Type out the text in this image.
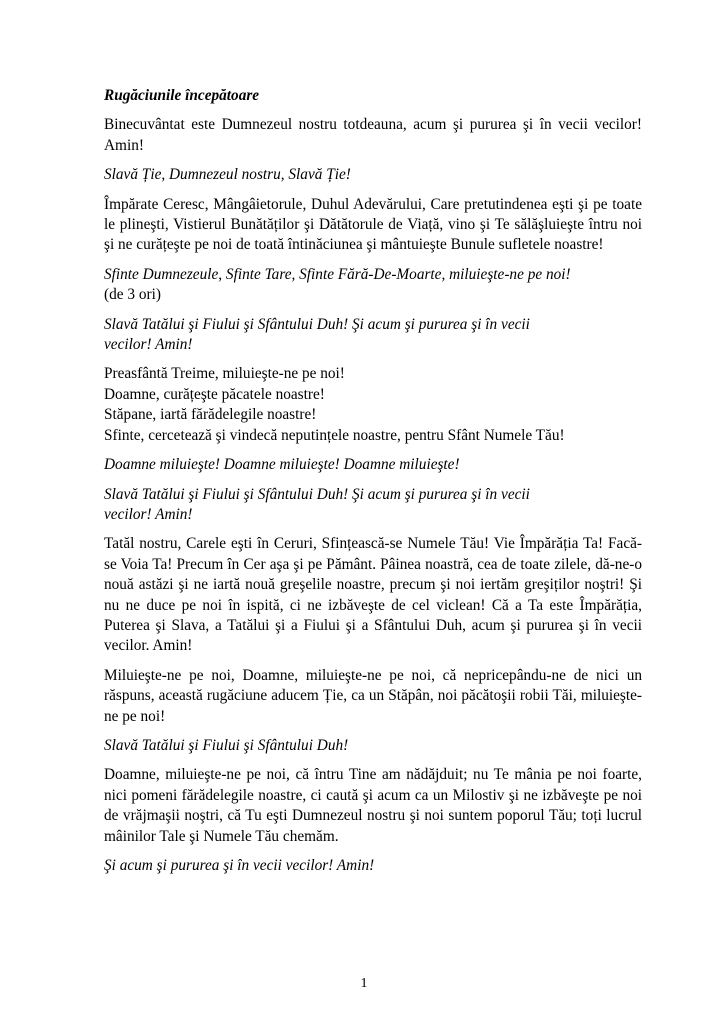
Rugăciunile începătoare

Binecuvântat este Dumnezeul nostru totdeauna, acum şi pururea şi în vecii vecilor! Amin!

Slavă Ție, Dumnezeul nostru, Slavă Ție!

Împărate Ceresc, Mângâietorule, Duhul Adevărului, Care pretutindenea eşti şi pe toate le plineşti, Vistierul Bunătăților şi Dătătorule de Viață, vino şi Te sălăşluieşte întru noi şi ne curățeşte pe noi de toată întinăciunea şi mântuieşte Bunule sufletele noastre!

Sfinte Dumnezeule, Sfinte Tare, Sfinte Fără-De-Moarte, miluieşte-ne pe noi!
(de 3 ori)

Slavă Tatălui şi Fiului şi Sfântului Duh! Şi acum şi pururea şi în vecii
vecilor! Amin!

Preasfântă Treime, miluieşte-ne pe noi!
Doamne, curățeşte păcatele noastre!
Stăpane, iartă fărădelegile noastre!
Sfinte, cercetează şi vindecă neputințele noastre, pentru Sfânt Numele Tău!

Doamne miluieşte! Doamne miluieşte! Doamne miluieşte!

Slavă Tatălui şi Fiului şi Sfântului Duh! Şi acum şi pururea şi în vecii
vecilor! Amin!

Tatăl nostru, Carele eşti în Ceruri, Sfințească-se Numele Tău! Vie Împărăția Ta! Facă-se Voia Ta! Precum în Cer aşa şi pe Pământ. Pâinea noastră, cea de toate zilele, dă-ne-o nouă astăzi şi ne iartă nouă greşelile noastre, precum şi noi iertăm greşiților noştri! Şi nu ne duce pe noi în ispită, ci ne izbăveşte de cel viclean! Că a Ta este Împărăția, Puterea şi Slava, a Tatălui şi a Fiului şi a Sfântului Duh, acum şi pururea şi în vecii vecilor. Amin!

Miluieşte-ne pe noi, Doamne, miluieşte-ne pe noi, că nepricepându-ne de nici un răspuns, această rugăciune aducem Ție, ca un Stăpân, noi păcătoşii robii Tăi, miluieşte-ne pe noi!

Slavă Tatălui şi Fiului şi Sfântului Duh!

Doamne, miluieşte-ne pe noi, că întru Tine am nădăjduit; nu Te mânia pe noi foarte, nici pomeni fărădelegile noastre, ci caută şi acum ca un Milostiv şi ne izbăveşte pe noi de vrăjmaşii noştri, că Tu eşti Dumnezeul nostru şi noi suntem poporul Tău; toți lucrul mâinilor Tale şi Numele Tău chemăm.

Şi acum şi pururea şi în vecii vecilor! Amin!

1
